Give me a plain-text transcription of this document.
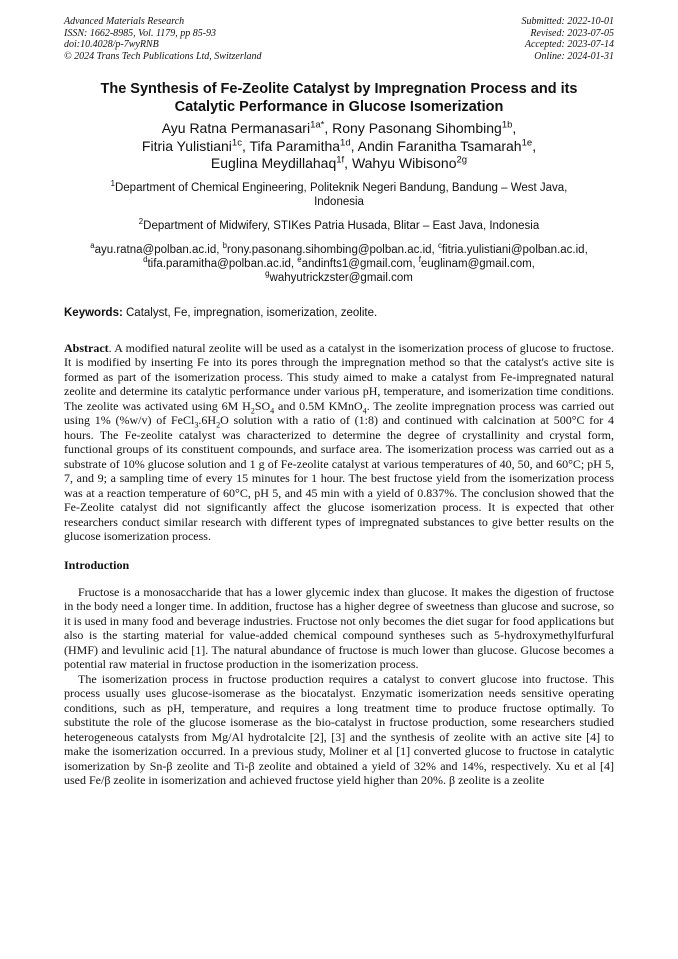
Advanced Materials Research
ISSN: 1662-8985, Vol. 1179, pp 85-93
doi:10.4028/p-7wyRNB
© 2024 Trans Tech Publications Ltd, Switzerland
Submitted: 2022-10-01
Revised: 2023-07-05
Accepted: 2023-07-14
Online: 2024-01-31
The Synthesis of Fe-Zeolite Catalyst by Impregnation Process and its
Catalytic Performance in Glucose Isomerization
Ayu Ratna Permanasari$^{1a*}$, Rony Pasonang Sihombing$^{1b}$,
Fitria Yulistiani$^{1c}$, Tifa Paramitha$^{1d}$, Andin Faranitha Tsamarah$^{1e}$,
Euglina Meydillahaq$^{1f}$, Wahyu Wibisono$^{2g}$
$^1$Department of Chemical Engineering, Politeknik Negeri Bandung, Bandung – West Java,
Indonesia
$^2$Department of Midwifery, STIKes Patria Husada, Blitar – East Java, Indonesia
$^a$ayu.ratna@polban.ac.id, $^b$rony.pasonang.sihombing@polban.ac.id, $^c$fitria.yulistiani@polban.ac.id,
$^d$tifa.paramitha@polban.ac.id, $^e$andinfts1@gmail.com, $^f$euglinam@gmail.com,
$^g$wahyutrickzster@gmail.com
Keywords: Catalyst, Fe, impregnation, isomerization, zeolite.
Abstract. A modified natural zeolite will be used as a catalyst in the isomerization process of glucose to fructose. It is modified by inserting Fe into its pores through the impregnation method so that the catalyst's active site is formed as part of the isomerization process. This study aimed to make a catalyst from Fe-impregnated natural zeolite and determine its catalytic performance under various pH, temperature, and isomerization time conditions. The zeolite was activated using 6M $H_2SO_4$ and 0.5M KMnO$_4$. The zeolite impregnation process was carried out using 1% (%w/v) of $FeCl_3.6H_2O$ solution with a ratio of (1:8) and continued with calcination at 500°C for 4 hours. The Fe-zeolite catalyst was characterized to determine the degree of crystallinity and crystal form, functional groups of its constituent compounds, and surface area. The isomerization process was carried out as a substrate of 10% glucose solution and 1 g of Fe-zeolite catalyst at various temperatures of 40, 50, and 60°C; pH 5, 7, and 9; a sampling time of every 15 minutes for 1 hour. The best fructose yield from the isomerization process was at a reaction temperature of 60°C, pH 5, and 45 min with a yield of 0.837%. The conclusion showed that the Fe-Zeolite catalyst did not significantly affect the glucose isomerization process. It is expected that other researchers conduct similar research with different types of impregnated substances to give better results on the glucose isomerization process.
Introduction
Fructose is a monosaccharide that has a lower glycemic index than glucose. It makes the digestion of fructose in the body need a longer time. In addition, fructose has a higher degree of sweetness than glucose and sucrose, so it is used in many food and beverage industries. Fructose not only becomes the diet sugar for food applications but also is the starting material for value-added chemical compound syntheses such as 5-hydroxymethylfurfural (HMF) and levulinic acid [1]. The natural abundance of fructose is much lower than glucose. Glucose becomes a potential raw material in fructose production in the isomerization process.
The isomerization process in fructose production requires a catalyst to convert glucose into fructose. This process usually uses glucose-isomerase as the biocatalyst. Enzymatic isomerization needs sensitive operating conditions, such as pH, temperature, and requires a long treatment time to produce fructose optimally. To substitute the role of the glucose isomerase as the bio-catalyst in fructose production, some researchers studied heterogeneous catalysts from Mg/Al hydrotalcite [2], [3] and the synthesis of zeolite with an active site [4] to make the isomerization occurred. In a previous study, Moliner et al [1] converted glucose to fructose in catalytic isomerization by Sn-β zeolite and Ti-β zeolite and obtained a yield of 32% and 14%, respectively. Xu et al [4] used Fe/β zeolite in isomerization and achieved fructose yield higher than 20%. β zeolite is a zeolite
